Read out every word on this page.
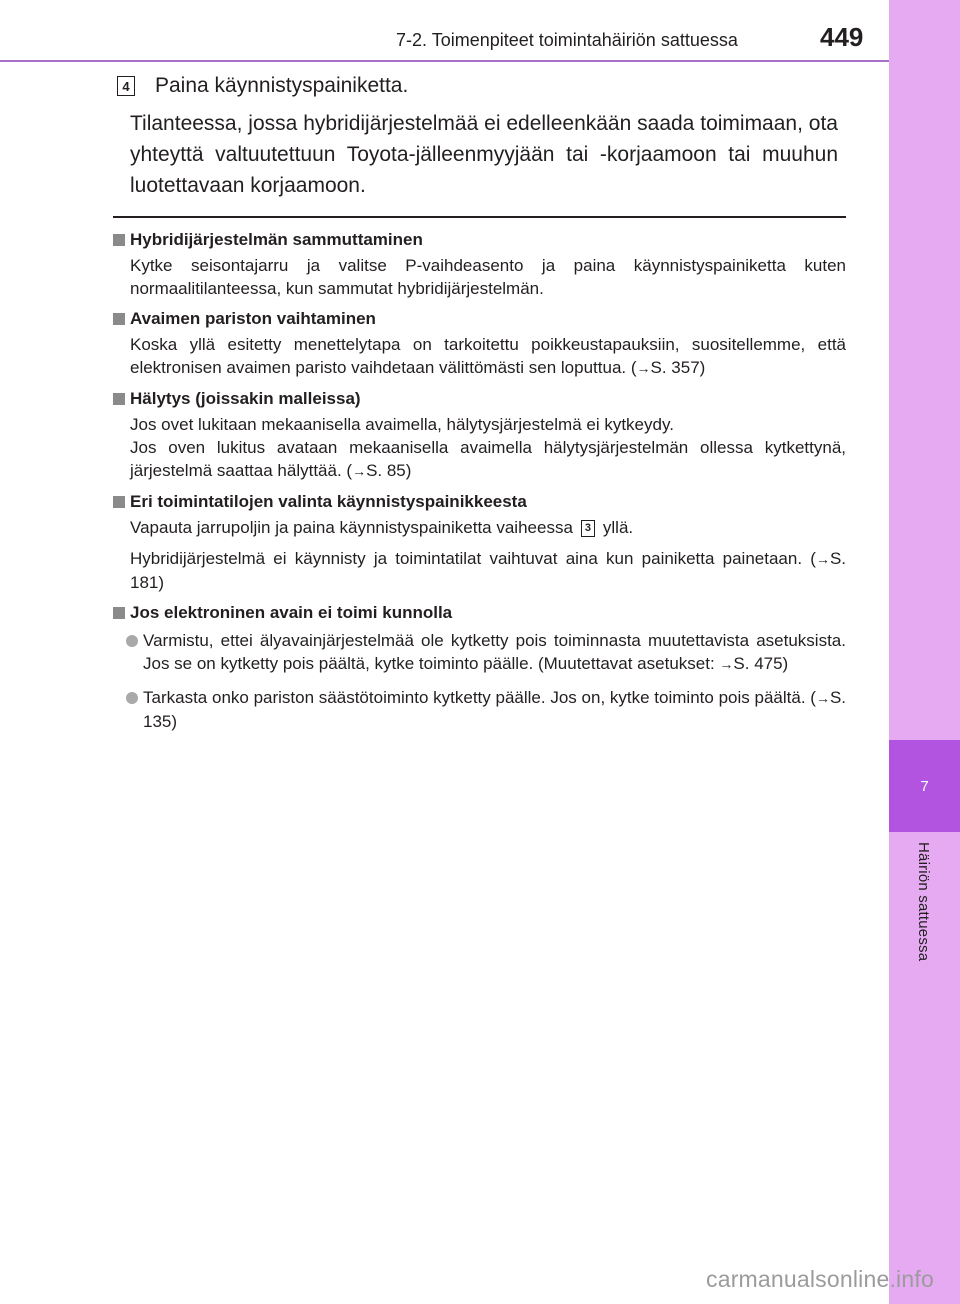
7
Häiriön sattuessa
7-2. Toimenpiteet toimintahäiriön sattuessa	449
4 Paina käynnistyspainiketta.
Tilanteessa, jossa hybridijärjestelmää ei edelleenkään saada toimimaan, ota yhteyttä valtuutettuun Toyota-jälleenmyyjään tai -korjaamoon tai muuhun luotettavaan korjaamoon.
Hybridijärjestelmän sammuttaminen
Kytke seisontajarru ja valitse P-vaihdeasento ja paina käynnistyspainiketta kuten normaalitilanteessa, kun sammutat hybridijärjestelmän.
Avaimen pariston vaihtaminen
Koska yllä esitetty menettelytapa on tarkoitettu poikkeustapauksiin, suositellemme, että elektronisen avaimen paristo vaihdetaan välittömästi sen loputtua. (→S. 357)
Hälytys (joissakin malleissa)
Jos ovet lukitaan mekaanisella avaimella, hälytysjärjestelmä ei kytkeydy.
Jos oven lukitus avataan mekaanisella avaimella hälytysjärjestelmän ollessa kytkettynä, järjestelmä saattaa hälyttää. (→S. 85)
Eri toimintatilojen valinta käynnistyspainikkeesta
Vapauta jarrupoljin ja paina käynnistyspainiketta vaiheessa 3 yllä.
Hybridijärjestelmä ei käynnisty ja toimintatilat vaihtuvat aina kun painiketta painetaan. (→S. 181)
Jos elektroninen avain ei toimi kunnolla
Varmistu, ettei älyavainjärjestelmää ole kytketty pois toiminnasta muutettavista asetuksista. Jos se on kytketty pois päältä, kytke toiminto päälle. (Muutettavat asetukset: →S. 475)
Tarkasta onko pariston säästötoiminto kytketty päälle. Jos on, kytke toiminto pois päältä. (→S. 135)
carmanualsonline.info
